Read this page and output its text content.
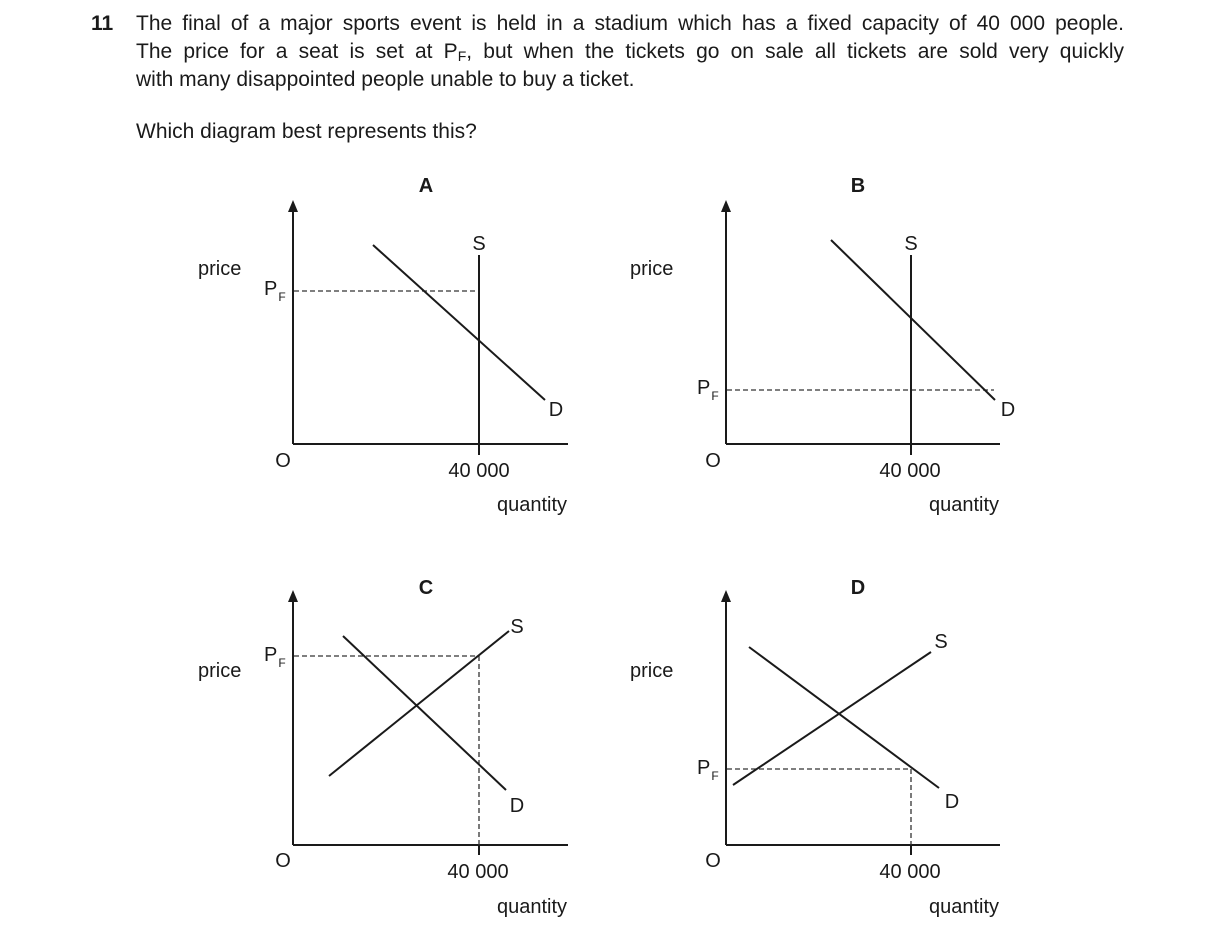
11 The final of a major sports event is held in a stadium which has a fixed capacity of 40 000 people.
The price for a seat is set at $P_F$, but when the tickets go on sale all tickets are sold very quickly
with many disappointed people unable to buy a ticket.
Which diagram best represents this?
A
price
O
$P_F$
S
D
40 000
quantity
B
price
O
$P_F$
S
D
40 000
quantity
C
price
O
$P_F$
S
D
40 000
quantity
D
price
O
$P_F$
S
D
40 000
quantity
